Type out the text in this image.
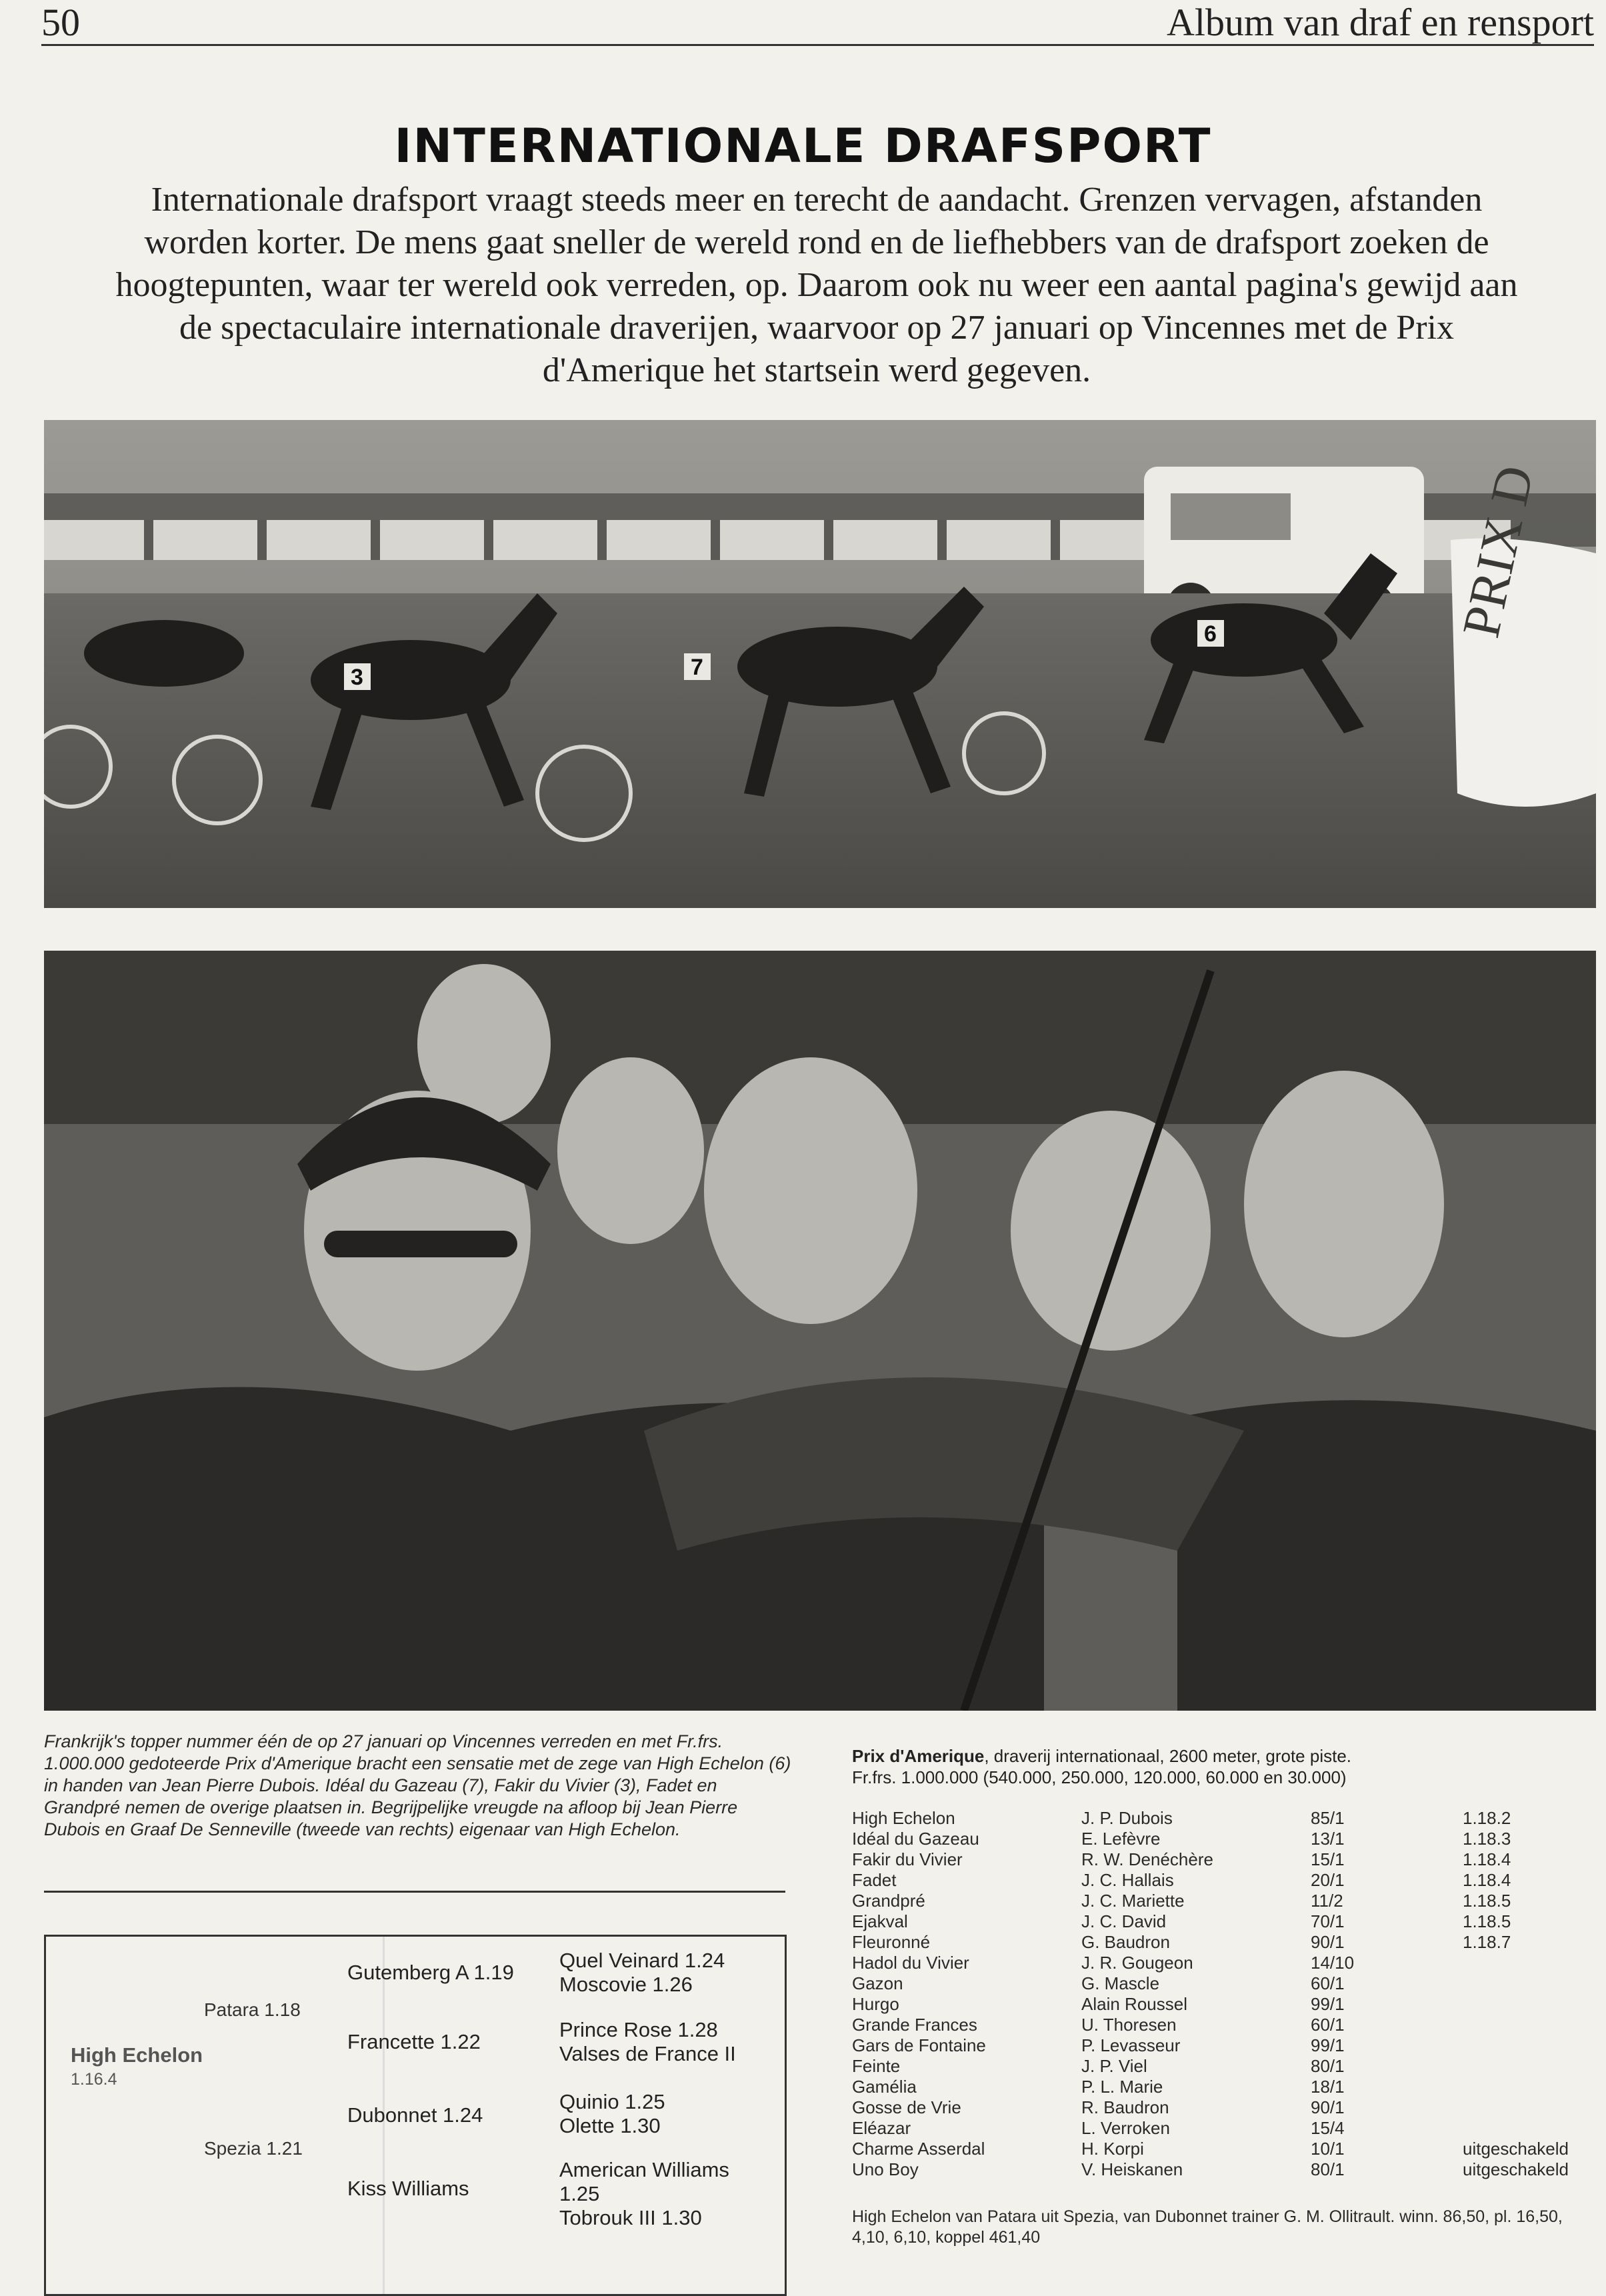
50	Album van draf en rensport
INTERNATIONALE DRAFSPORT
Internationale drafsport vraagt steeds meer en terecht de aandacht. Grenzen vervagen, afstanden worden korter. De mens gaat sneller de wereld rond en de liefhebbers van de drafsport zoeken de hoogtepunten, waar ter wereld ook verreden, op. Daarom ook nu weer een aantal pagina's gewijd aan de spectaculaire internationale draverijen, waarvoor op 27 januari op Vincennes met de Prix d'Amerique het startsein werd gegeven.
PRIX D
6
7
3
Frankrijk's topper nummer één de op 27 januari op Vincennes verreden en met Fr.frs. 1.000.000 gedoteerde Prix d'Amerique bracht een sensatie met de zege van High Echelon (6) in handen van Jean Pierre Dubois. Idéal du Gazeau (7), Fakir du Vivier (3), Fadet en Grandpré nemen de overige plaatsen in. Begrijpelijke vreugde na afloop bij Jean Pierre Dubois en Graaf De Senneville (tweede van rechts) eigenaar van High Echelon.
High Echelon
1.16.4
Patara 1.18
Spezia 1.21
Gutemberg A 1.19
Francette 1.22
Dubonnet 1.24
Kiss Williams
Quel Veinard 1.24
Moscovie 1.26
Prince Rose 1.28
Valses de France II
Quinio 1.25
Olette 1.30
American Williams
1.25
Tobrouk III 1.30
Prix d'Amerique, draverij internationaal, 2600 meter, grote piste.
Fr.frs. 1.000.000 (540.000, 250.000, 120.000, 60.000 en 30.000)
High Echelon
Idéal du Gazeau
Fakir du Vivier
Fadet
Grandpré
Ejakval
Fleuronné
Hadol du Vivier
Gazon
Hurgo
Grande Frances
Gars de Fontaine
Feinte
Gamélia
Gosse de Vrie
Eléazar
Charme Asserdal
Uno Boy
J. P. Dubois
E. Lefèvre
R. W. Denéchère
J. C. Hallais
J. C. Mariette
J. C. David
G. Baudron
J. R. Gougeon
G. Mascle
Alain Roussel
U. Thoresen
P. Levasseur
J. P. Viel
P. L. Marie
R. Baudron
L. Verroken
H. Korpi
V. Heiskanen
85/1
13/1
15/1
20/1
11/2
70/1
90/1
14/10
60/1
99/1
60/1
99/1
80/1
18/1
90/1
15/4
10/1
80/1
1.18.2
1.18.3
1.18.4
1.18.4
1.18.5
1.18.5
1.18.7

uitgeschakeld
uitgeschakeld
High Echelon van Patara uit Spezia, van Dubonnet trainer G. M. Ollitrault. winn. 86,50, pl. 16,50, 4,10, 6,10, koppel 461,40
